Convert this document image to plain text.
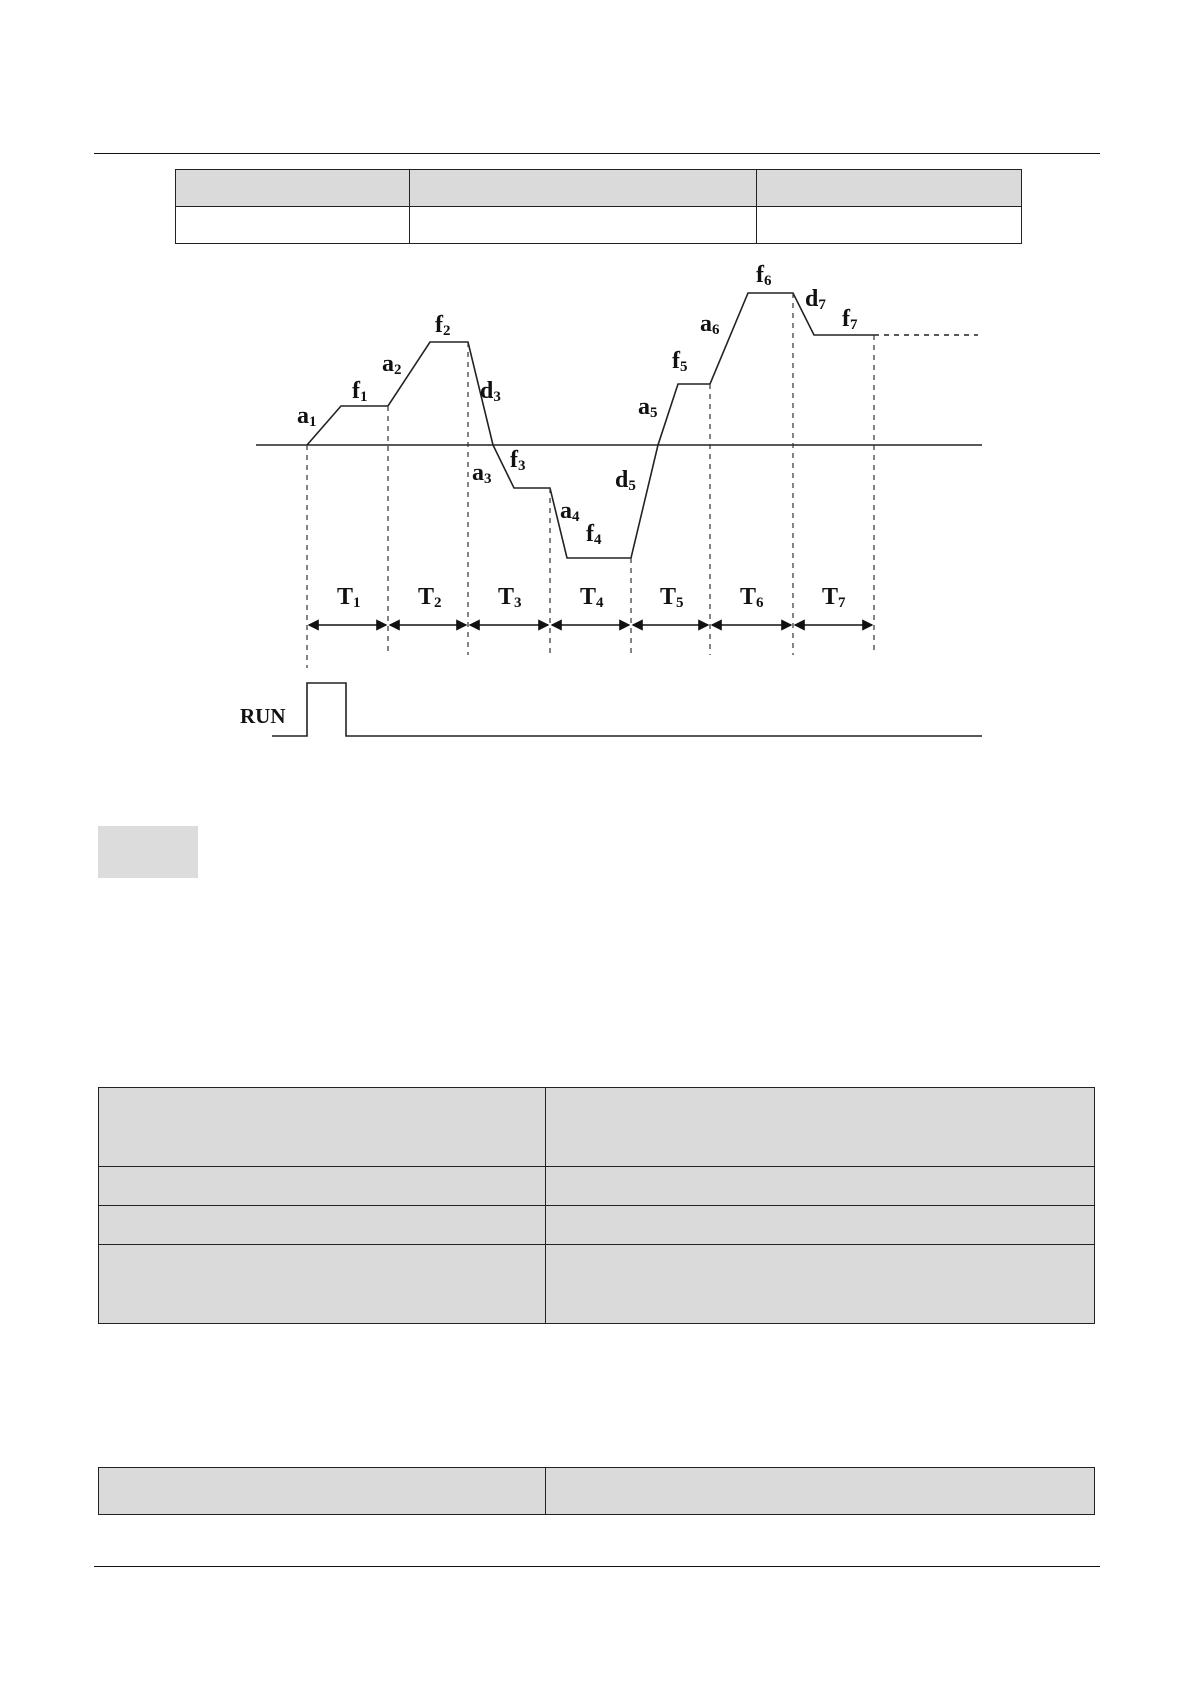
a1
f1
a2
f2
d3
a3
f3
a4
f4
d5
a5
f5
a6
f6
d7
f7
T1 T2 T3 T4 T5 T6 T7
RUN
